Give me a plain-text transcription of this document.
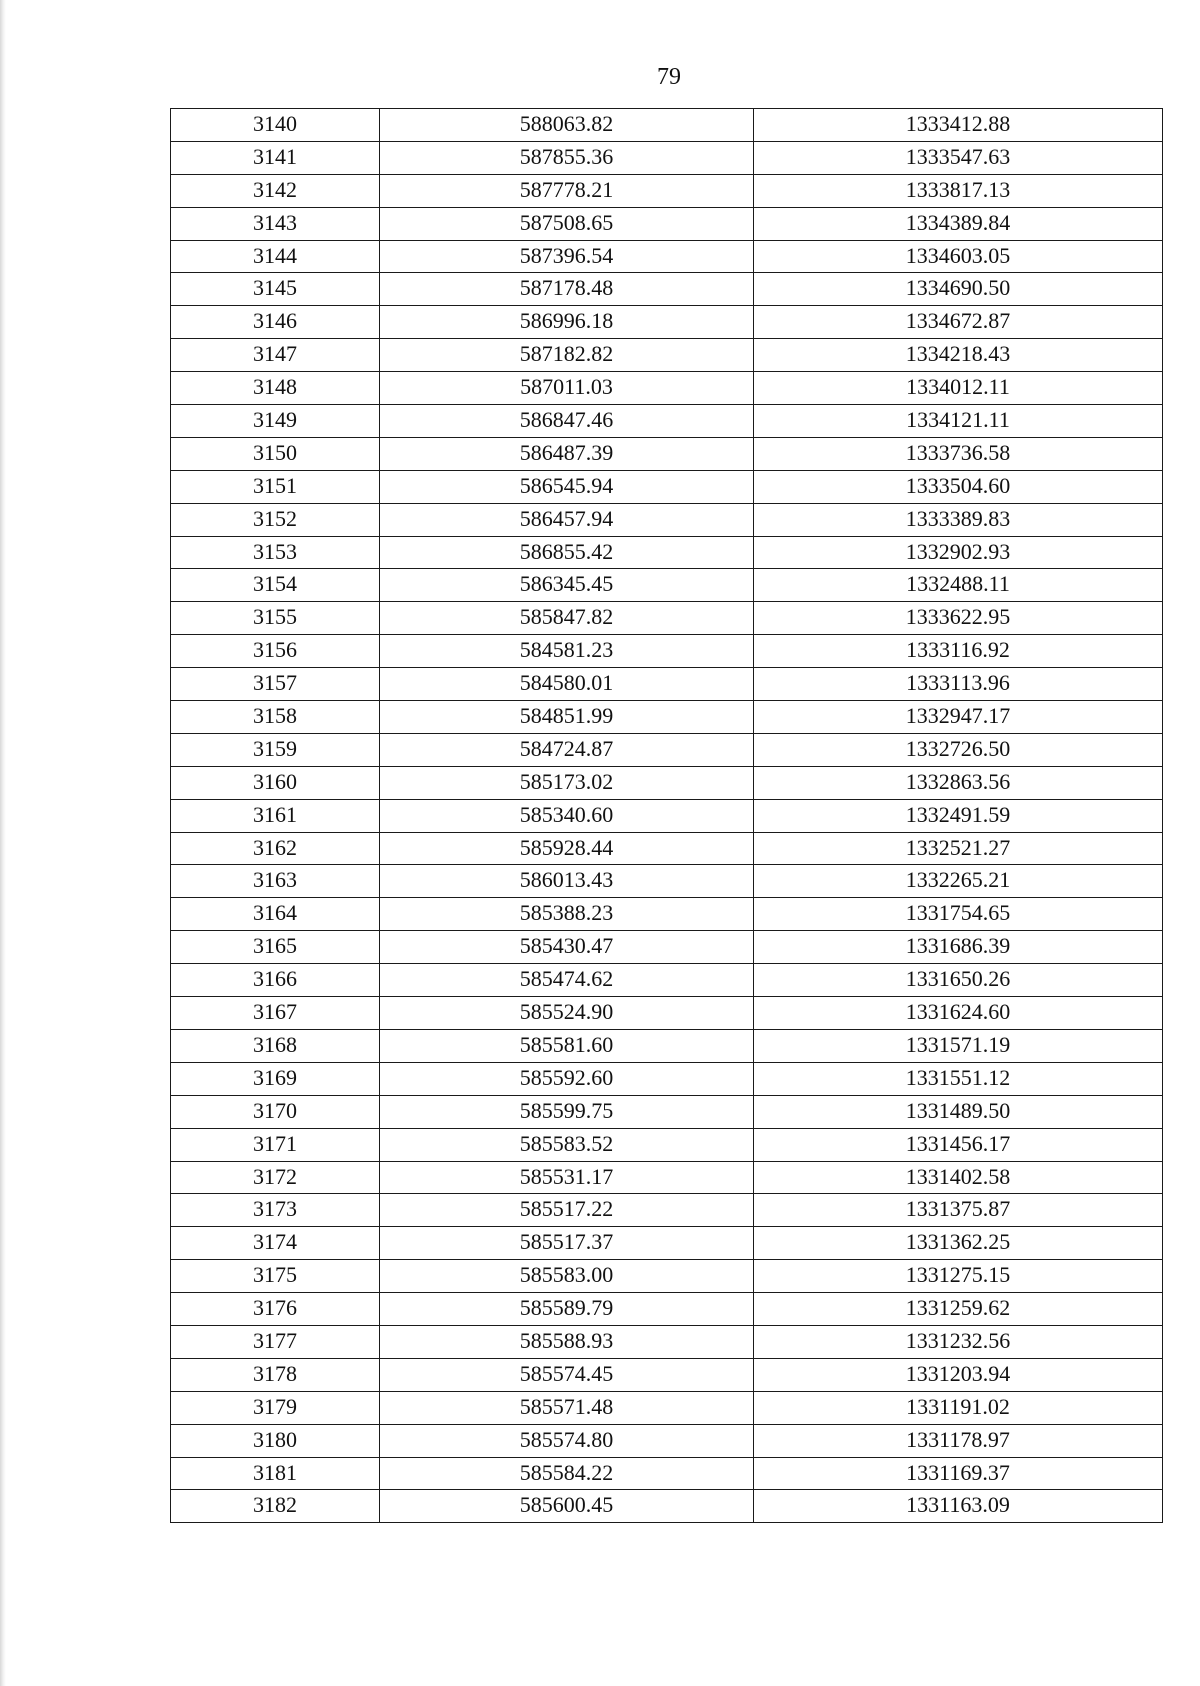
79
3140	588063.82	1333412.88
3141	587855.36	1333547.63
3142	587778.21	1333817.13
3143	587508.65	1334389.84
3144	587396.54	1334603.05
3145	587178.48	1334690.50
3146	586996.18	1334672.87
3147	587182.82	1334218.43
3148	587011.03	1334012.11
3149	586847.46	1334121.11
3150	586487.39	1333736.58
3151	586545.94	1333504.60
3152	586457.94	1333389.83
3153	586855.42	1332902.93
3154	586345.45	1332488.11
3155	585847.82	1333622.95
3156	584581.23	1333116.92
3157	584580.01	1333113.96
3158	584851.99	1332947.17
3159	584724.87	1332726.50
3160	585173.02	1332863.56
3161	585340.60	1332491.59
3162	585928.44	1332521.27
3163	586013.43	1332265.21
3164	585388.23	1331754.65
3165	585430.47	1331686.39
3166	585474.62	1331650.26
3167	585524.90	1331624.60
3168	585581.60	1331571.19
3169	585592.60	1331551.12
3170	585599.75	1331489.50
3171	585583.52	1331456.17
3172	585531.17	1331402.58
3173	585517.22	1331375.87
3174	585517.37	1331362.25
3175	585583.00	1331275.15
3176	585589.79	1331259.62
3177	585588.93	1331232.56
3178	585574.45	1331203.94
3179	585571.48	1331191.02
3180	585574.80	1331178.97
3181	585584.22	1331169.37
3182	585600.45	1331163.09
